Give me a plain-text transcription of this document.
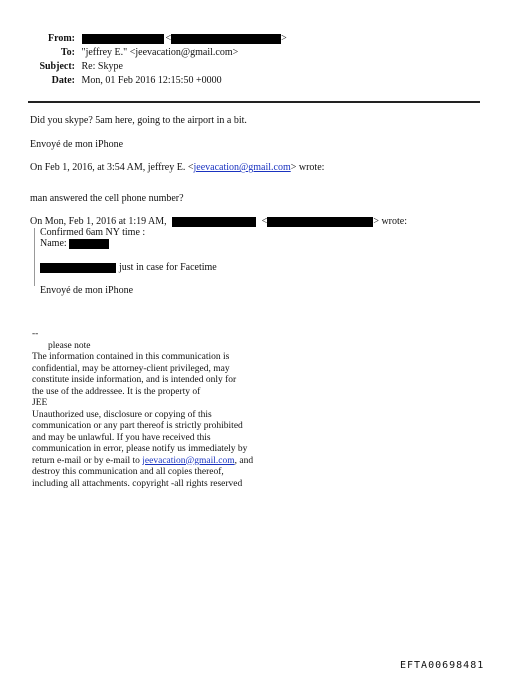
From:	<	>
To: "jeffrey E." <jeevacation@gmail.com>
Subject: Re: Skype
Date: Mon, 01 Feb 2016 12:15:50 +0000
Did you skype? 5am here, going to the airport in a bit.
Envoyé de mon iPhone
On Feb 1, 2016, at 3:54 AM, jeffrey E. <jeevacation@gmail.com> wrote:
man answered the cell phone number?
On Mon, Feb 1, 2016 at 1:19 AM,	<	> wrote:
Confirmed 6am NY time :
Name:
just in case for Facetime
Envoyé de mon iPhone
--
please note
The information contained in this communication is
confidential, may be attorney-client privileged, may
constitute inside information, and is intended only for
the use of the addressee. It is the property of
JEE
Unauthorized use, disclosure or copying of this
communication or any part thereof is strictly prohibited
and may be unlawful. If you have received this
communication in error, please notify us immediately by
return e-mail or by e-mail to jeevacation@gmail.com, and
destroy this communication and all copies thereof,
including all attachments. copyright -all rights reserved
EFTA00698481
